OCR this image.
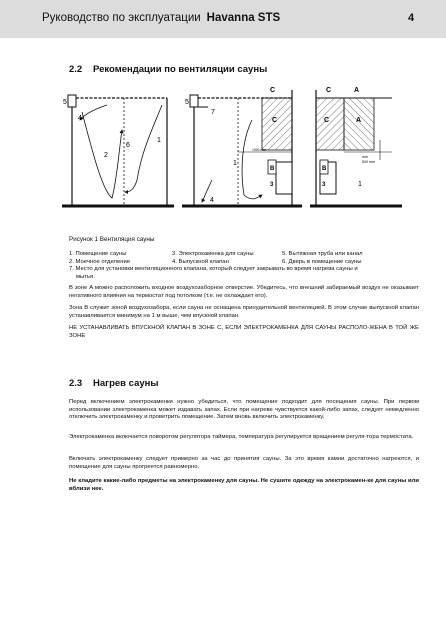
Руководство по эксплуатации Havanna STS	4
2.2 Рекомендации по вентиляции сауны
5
4
2
6
1
5
7
C
C
1000 mm
1
B
3
4
C	A
C	A
min
500 mm
B
3	1
Рисунок 1 Вентиляция сауны
1. Помещение сауны	3. Электрокаменка для сауны	5. Вытяжная труба или канал
2. Моечное отделение	4. Выпускной клапан	6. Дверь в помещение сауны
7. Место для установки вентиляционного клапана, который следует закрывать во время нагрева сауны и
мытья.

В зоне A можно расположить входное воздухозаборное отверстие. Убедитесь, что внешний забираемый воздух не оказывает негативного влияния на термостат под потолком (т.е. не охлаждает его).

Зона B служит зоной воздухозабора, если сауна не оснащена принудительной вентиляцией. В этом случае выпускной клапан устанавливается минимум на 1 м выше, чем впускной клапан.

НЕ УСТАНАВЛИВАТЬ ВПУСКНОЙ КЛАПАН В ЗОНЕ С, ЕСЛИ ЭЛЕКТРОКАМЕНКА ДЛЯ САУНЫ РАСПОЛО-ЖЕНА В ТОЙ ЖЕ ЗОНЕ

2.3 Нагрев сауны

Перед включением электрокаменки нужно убедиться, что помещение подходит для посещения сауны. При первом использовании электрокаменка может издавать запах. Если при нагреве чувствуется какой-либо запах, следует немедленно отключить электрокаменку и проветрить помещение. Затем вновь включить электрокаменку.

Электрокаменка включается поворотом регулятора таймера, температура регулируется вращением регуля-тора термостата.

Включать электрокаменку следует примерно за час до принятия сауны. За это время камни достаточно нагреются, и помещение для сауны прогреется равномерно.

Не кладите какие-либо предметы на электрокаменку для сауны. Не сушите одежду на электрокамен-ке для сауны или вблизи нее.
